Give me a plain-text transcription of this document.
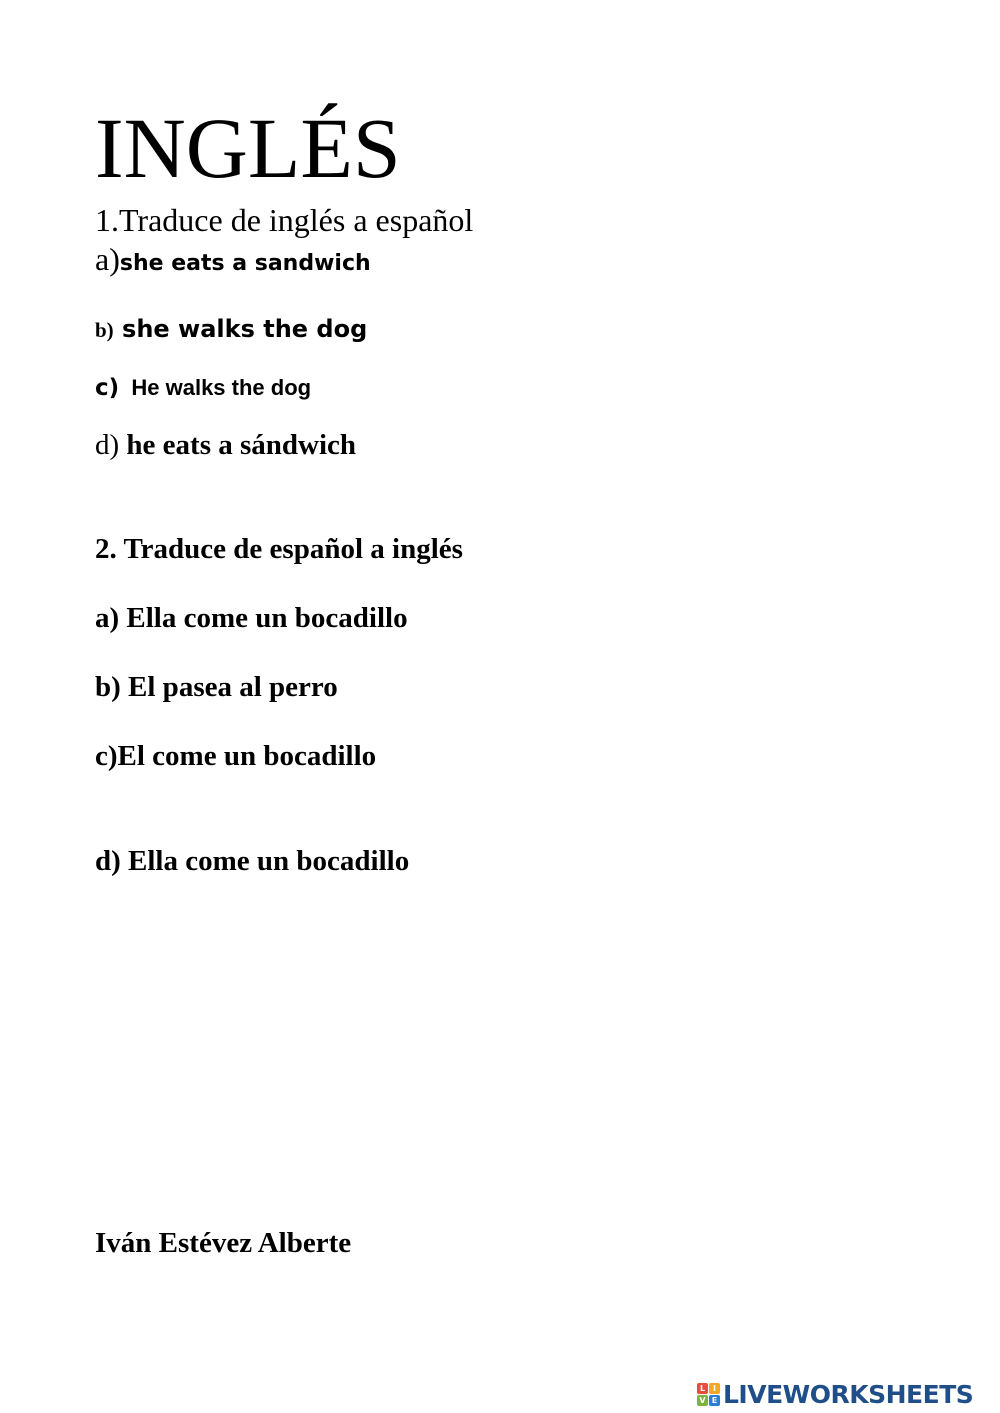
INGLÉS
1.Traduce de inglés a español
a)she eats a sandwich
b) she walks the dog
c)  He walks the dog
d) he eats a sándwich
2. Traduce de español a inglés
a) Ella come un bocadillo
b) El pasea al perro
c)El come un bocadillo
d) Ella come un bocadillo
Iván Estévez Alberte
L I
V E LIVEWORKSHEETS
